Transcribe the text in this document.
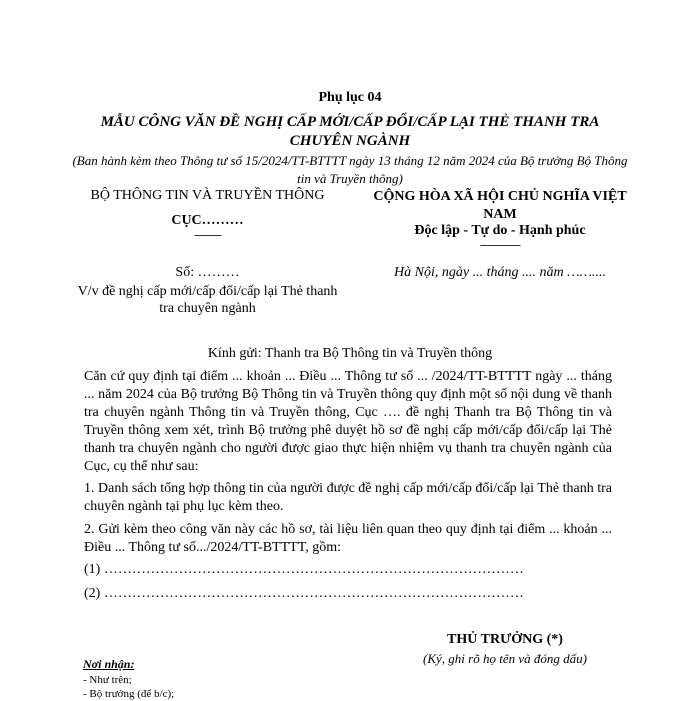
Phụ lục 04
MẪU CÔNG VĂN ĐỀ NGHỊ CẤP MỚI/CẤP ĐỔI/CẤP LẠI THẺ THANH TRA CHUYÊN NGÀNH
(Ban hành kèm theo Thông tư số 15/2024/TT-BTTTT ngày 13 tháng 12 năm 2024 của Bộ trưởng Bộ Thông tin và Truyền thông)
BỘ THÔNG TIN VÀ TRUYỀN THÔNG
CỤC………
----------
CỘNG HÒA XÃ HỘI CHỦ NGHĨA VIỆT NAM
Độc lập - Tự do - Hạnh phúc
---------------
Số: ………
V/v đề nghị cấp mới/cấp đổi/cấp lại Thẻ thanh tra chuyên ngành
Hà Nội, ngày ... tháng .... năm ……....
Kính gửi: Thanh tra Bộ Thông tin và Truyền thông
Căn cứ quy định tại điểm ... khoản ... Điều ... Thông tư số ... /2024/TT-BTTTT ngày ... tháng ... năm 2024 của Bộ trưởng Bộ Thông tin và Truyền thông quy định một số nội dung về thanh tra chuyên ngành Thông tin và Truyền thông, Cục …. đề nghị Thanh tra Bộ Thông tin và Truyền thông xem xét, trình Bộ trưởng phê duyệt hồ sơ đề nghị cấp mới/cấp đổi/cấp lại Thẻ thanh tra chuyên ngành cho người được giao thực hiện nhiệm vụ thanh tra chuyên ngành của Cục, cụ thể như sau:
1. Danh sách tổng hợp thông tin của người được đề nghị cấp mới/cấp đổi/cấp lại Thẻ thanh tra chuyên ngành tại phụ lục kèm theo.
2. Gửi kèm theo công văn này các hồ sơ, tài liệu liên quan theo quy định tại điểm ... khoản ... Điều ... Thông tư số.../2024/TT-BTTTT, gồm:
(1) ………………………………………………………………………………
(2) ………………………………………………………………………………
THỦ TRƯỞNG (*)
(Ký, ghi rõ họ tên và đóng dấu)
Nơi nhận:
- Như trên;
- Bộ trưởng (để b/c);
